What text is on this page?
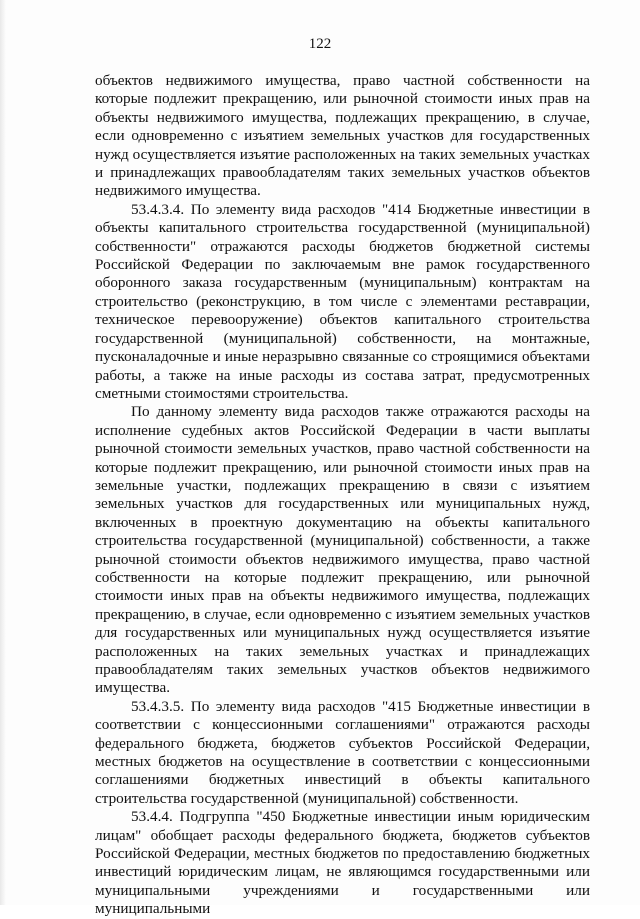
122

объектов недвижимого имущества, право частной собственности на которые подлежит прекращению, или рыночной стоимости иных прав на объекты недвижимого имущества, подлежащих прекращению, в случае, если одновременно с изъятием земельных участков для государственных нужд осуществляется изъятие расположенных на таких земельных участках и принадлежащих правообладателям таких земельных участков объектов недвижимого имущества.

53.4.3.4. По элементу вида расходов "414 Бюджетные инвестиции в объекты капитального строительства государственной (муниципальной) собственности" отражаются расходы бюджетов бюджетной системы Российской Федерации по заключаемым вне рамок государственного оборонного заказа государственным (муниципальным) контрактам на строительство (реконструкцию, в том числе с элементами реставрации, техническое перевооружение) объектов капитального строительства государственной (муниципальной) собственности, на монтажные, пусконаладочные и иные неразрывно связанные со строящимися объектами работы, а также на иные расходы из состава затрат, предусмотренных сметными стоимостями строительства.

По данному элементу вида расходов также отражаются расходы на исполнение судебных актов Российской Федерации в части выплаты рыночной стоимости земельных участков, право частной собственности на которые подлежит прекращению, или рыночной стоимости иных прав на земельные участки, подлежащих прекращению в связи с изъятием земельных участков для государственных или муниципальных нужд, включенных в проектную документацию на объекты капитального строительства государственной (муниципальной) собственности, а также рыночной стоимости объектов недвижимого имущества, право частной собственности на которые подлежит прекращению, или рыночной стоимости иных прав на объекты недвижимого имущества, подлежащих прекращению, в случае, если одновременно с изъятием земельных участков для государственных или муниципальных нужд осуществляется изъятие расположенных на таких земельных участках и принадлежащих правообладателям таких земельных участков объектов недвижимого имущества.

53.4.3.5. По элементу вида расходов "415 Бюджетные инвестиции в соответствии с концессионными соглашениями" отражаются расходы федерального бюджета, бюджетов субъектов Российской Федерации, местных бюджетов на осуществление в соответствии с концессионными соглашениями бюджетных инвестиций в объекты капитального строительства государственной (муниципальной) собственности.

53.4.4. Подгруппа "450 Бюджетные инвестиции иным юридическим лицам" обобщает расходы федерального бюджета, бюджетов субъектов Российской Федерации, местных бюджетов по предоставлению бюджетных инвестиций юридическим лицам, не являющимся государственными или муниципальными учреждениями и государственными или муниципальными
